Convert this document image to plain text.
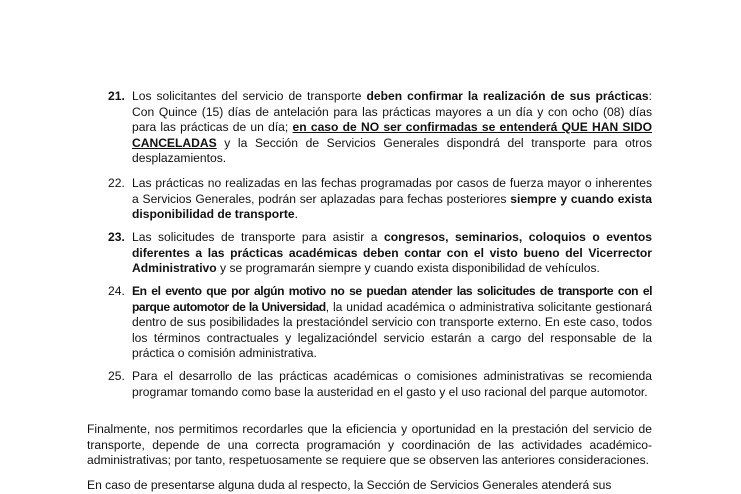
21. Los solicitantes del servicio de transporte deben confirmar la realización de sus prácticas: Con Quince (15) días de antelación para las prácticas mayores a un día y con ocho (08) días para las prácticas de un día; en caso de NO ser confirmadas se entenderá QUE HAN SIDO CANCELADAS y la Sección de Servicios Generales dispondrá del transporte para otros desplazamientos.
22. Las prácticas no realizadas en las fechas programadas por casos de fuerza mayor o inherentes a Servicios Generales, podrán ser aplazadas para fechas posteriores siempre y cuando exista disponibilidad de transporte.
23. Las solicitudes de transporte para asistir a congresos, seminarios, coloquios o eventos diferentes a las prácticas académicas deben contar con el visto bueno del Vicerrector Administrativo y se programarán siempre y cuando exista disponibilidad de vehículos.
24. En el evento que por algún motivo no se puedan atender las solicitudes de transporte con el parque automotor de la Universidad, la unidad académica o administrativa solicitante gestionará dentro de sus posibilidades la prestacióndel servicio con transporte externo. En este caso, todos los términos contractuales y legalizacióndel servicio estarán a cargo del responsable de la práctica o comisión administrativa.
25. Para el desarrollo de las prácticas académicas o comisiones administrativas se recomienda programar tomando como base la austeridad en el gasto y el uso racional del parque automotor.
Finalmente, nos permitimos recordarles que la eficiencia y oportunidad en la prestación del servicio de transporte, depende de una correcta programación y coordinación de las actividades académico-administrativas; por tanto, respetuosamente se requiere que se observen las anteriores consideraciones.
En caso de presentarse alguna duda al respecto, la Sección de Servicios Generales atenderá sus
